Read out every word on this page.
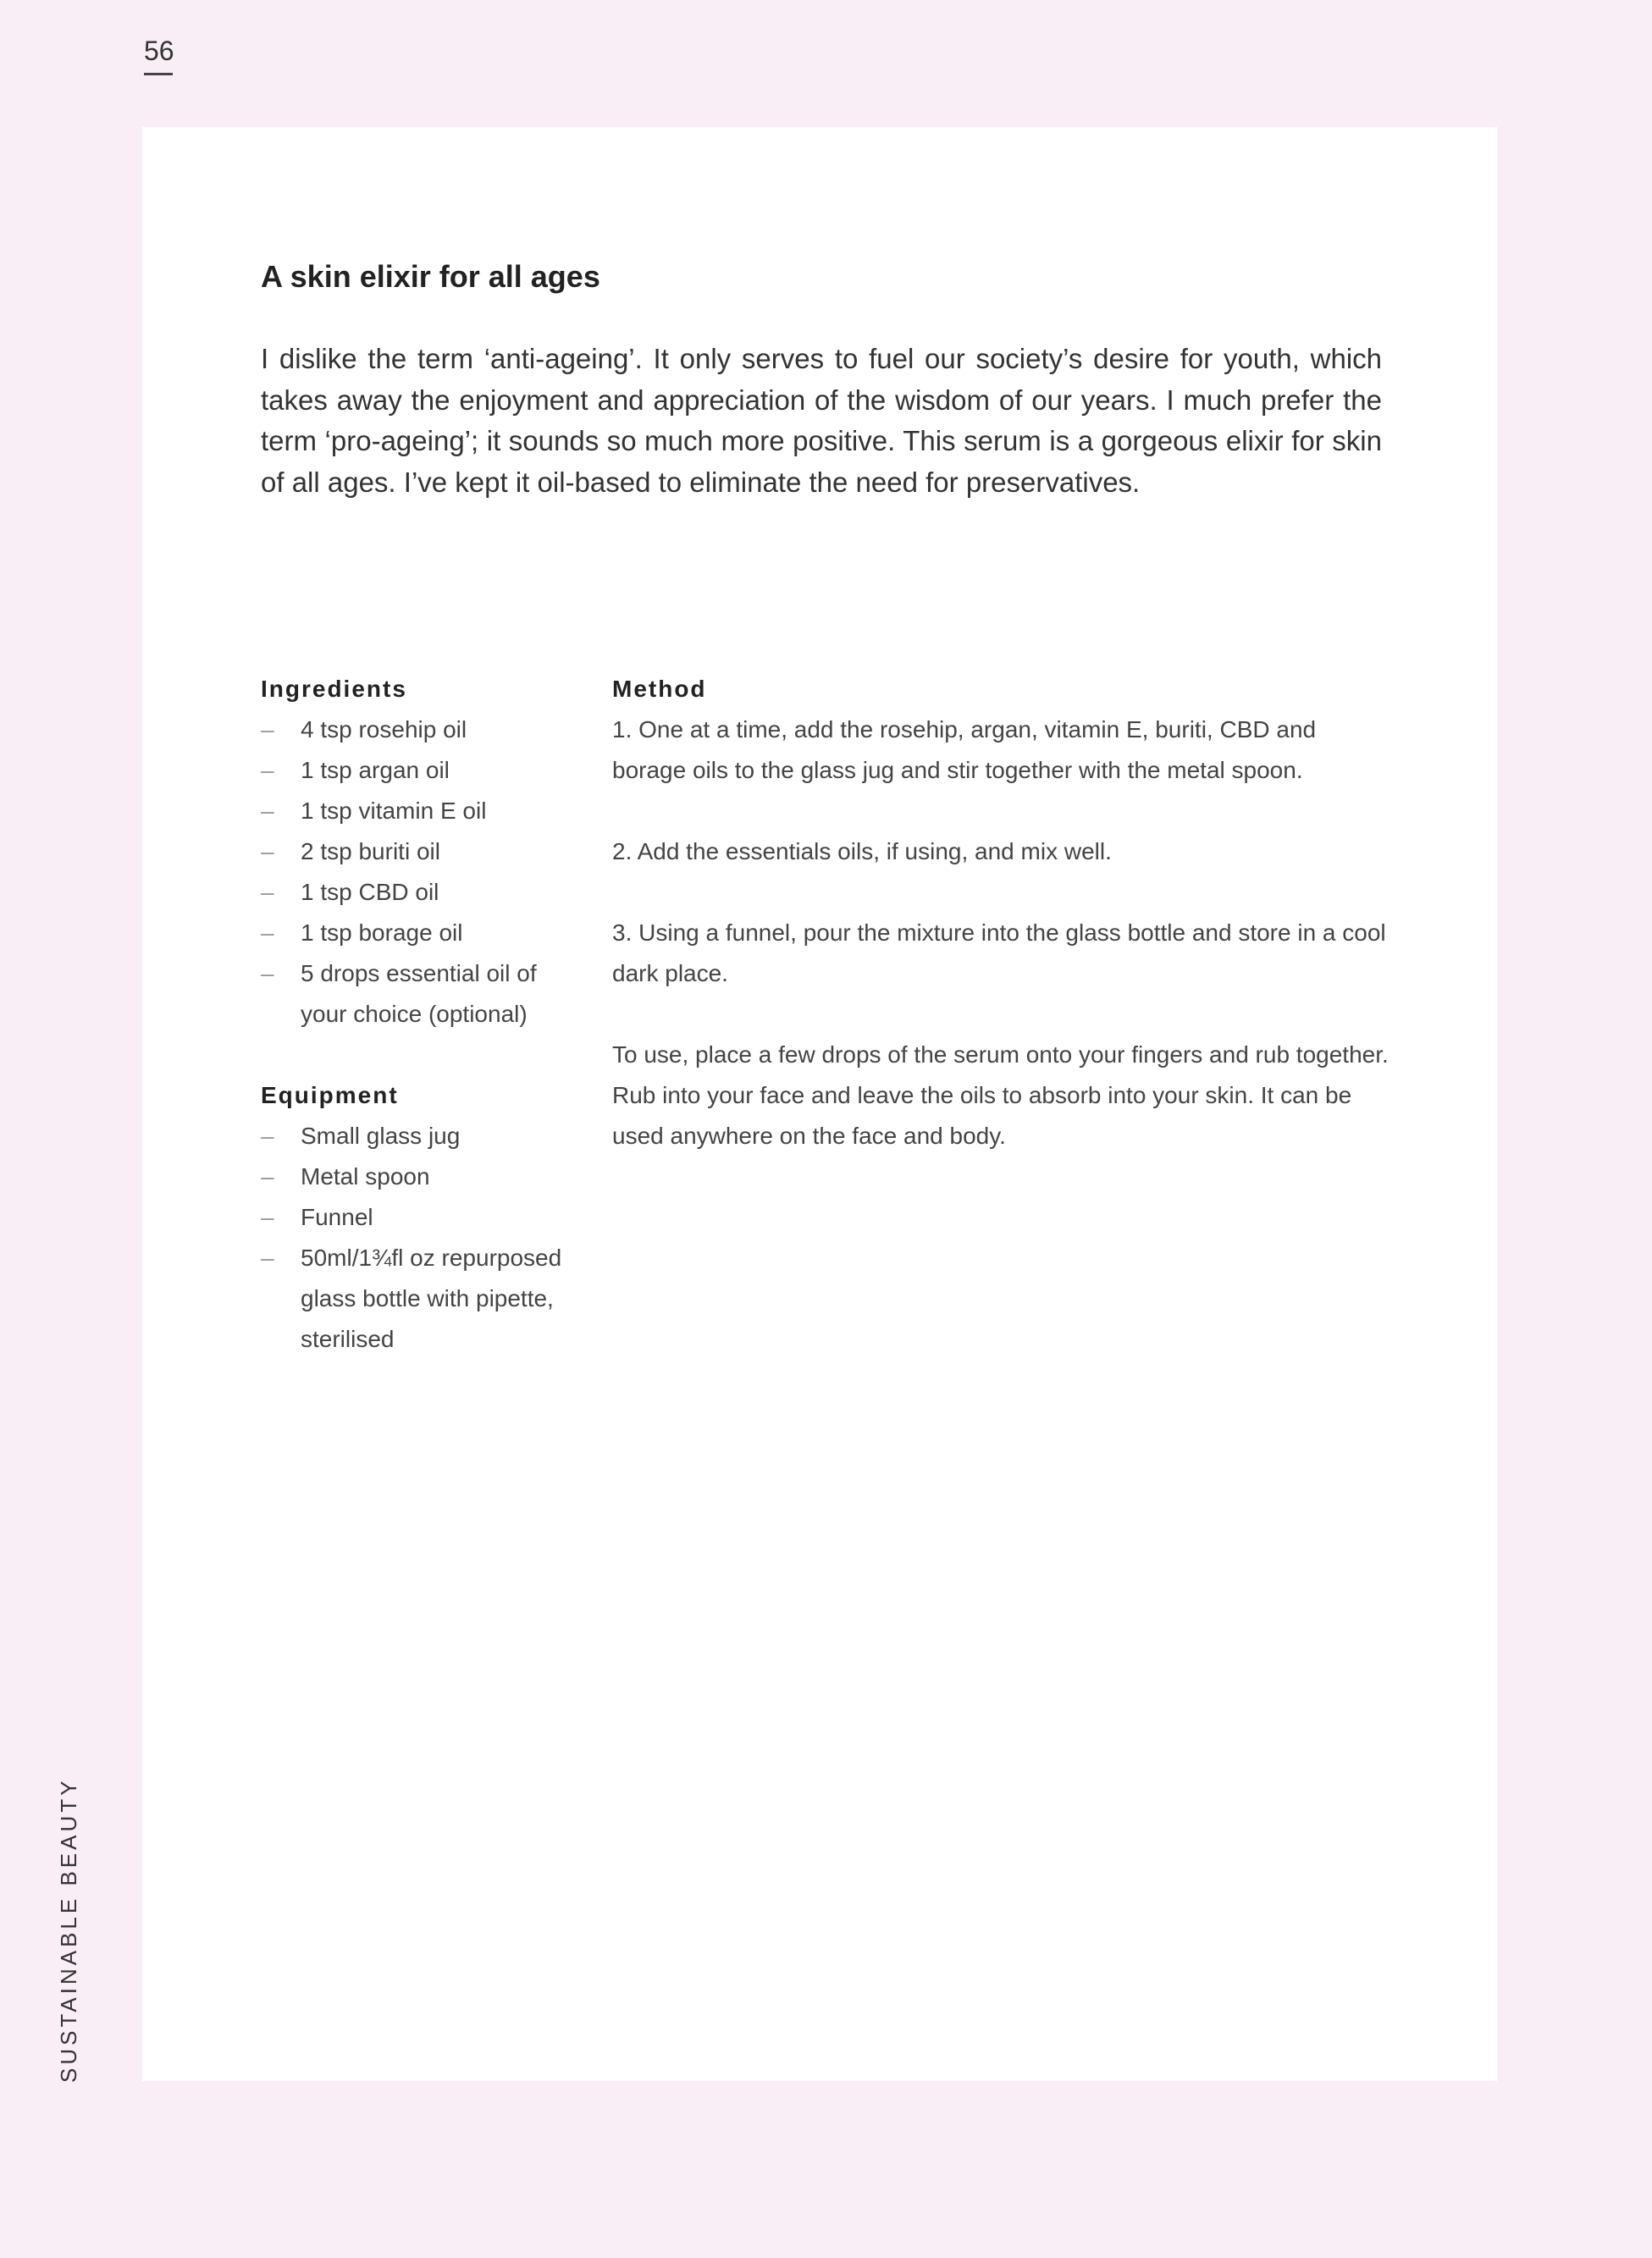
56
SUSTAINABLE BEAUTY
A skin elixir for all ages

I dislike the term ‘anti-ageing’. It only serves to fuel our society’s desire for youth, which takes away the enjoyment and appreciation of the wisdom of our years. I much prefer the term ‘pro-ageing’; it sounds so much more positive. This serum is a gorgeous elixir for skin of all ages. I’ve kept it oil-based to eliminate the need for preservatives.

Ingredients
– 4 tsp rosehip oil
– 1 tsp argan oil
– 1 tsp vitamin E oil
– 2 tsp buriti oil
– 1 tsp CBD oil
– 1 tsp borage oil
– 5 drops essential oil of your choice (optional)
Equipment
– Small glass jug
– Metal spoon
– Funnel
– 50ml/1¾fl oz repurposed glass bottle with pipette, sterilised
Method

1. One at a time, add the rosehip, argan, vitamin E, buriti, CBD and borage oils to the glass jug and stir together with the metal spoon.

2. Add the essentials oils, if using, and mix well.

3. Using a funnel, pour the mixture into the glass bottle and store in a cool dark place.

To use, place a few drops of the serum onto your fingers and rub together. Rub into your face and leave the oils to absorb into your skin. It can be used anywhere on the face and body.
